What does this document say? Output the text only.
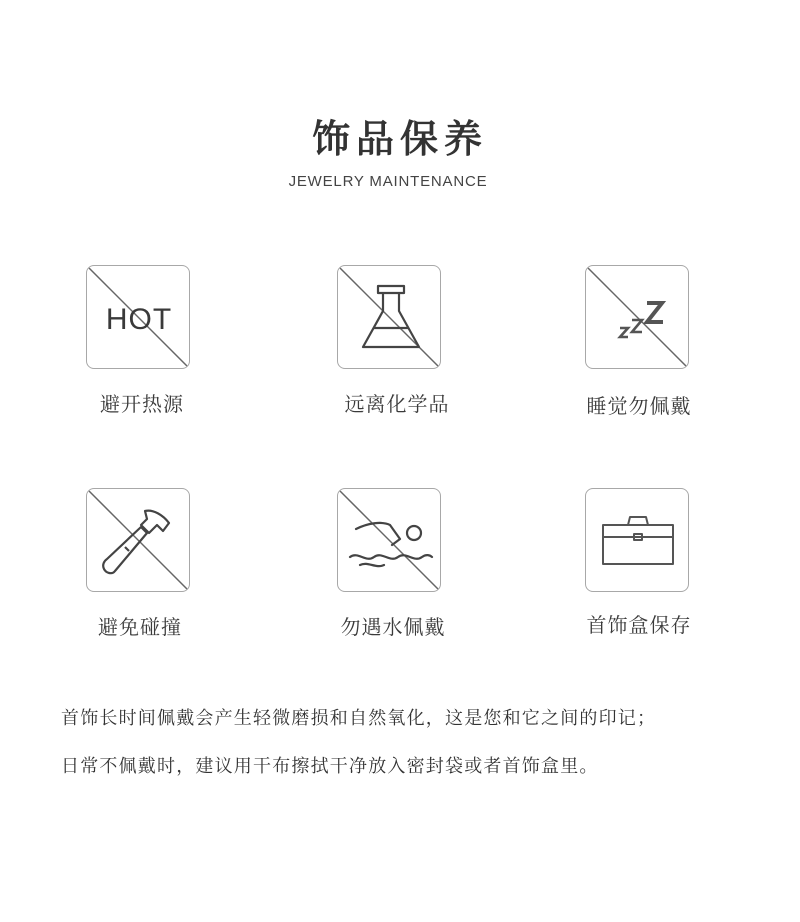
饰品保养
JEWELRY MAINTENANCE
HOT
避开热源	远离化学品	睡觉勿佩戴
避免碰撞	勿遇水佩戴	首饰盒保存
首饰长时间佩戴会产生轻微磨损和自然氧化，这是您和它之间的印记；
日常不佩戴时，建议用干布擦拭干净放入密封袋或者首饰盒里。
